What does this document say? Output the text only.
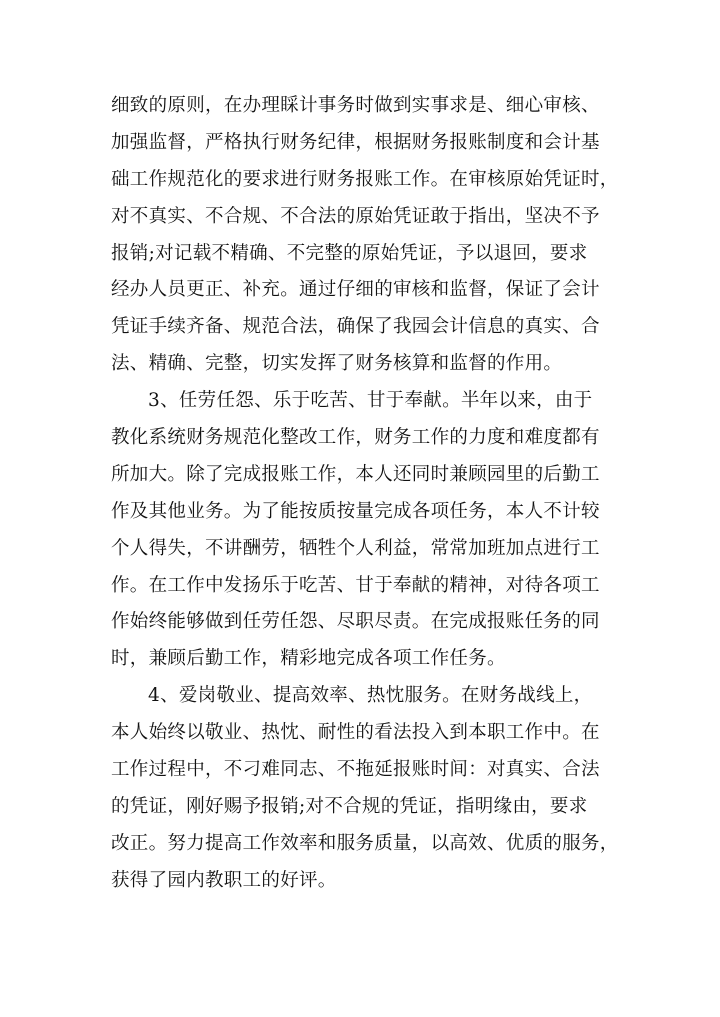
细致的原则，在办理睬计事务时做到实事求是、细心审核、
加强监督，严格执行财务纪律，根据财务报账制度和会计基
础工作规范化的要求进行财务报账工作。在审核原始凭证时，
对不真实、不合规、不合法的原始凭证敢于指出，坚决不予
报销;对记载不精确、不完整的原始凭证，予以退回，要求
经办人员更正、补充。通过仔细的审核和监督，保证了会计
凭证手续齐备、规范合法，确保了我园会计信息的真实、合
法、精确、完整，切实发挥了财务核算和监督的作用。
3、任劳任怨、乐于吃苦、甘于奉献。半年以来，由于
教化系统财务规范化整改工作，财务工作的力度和难度都有
所加大。除了完成报账工作，本人还同时兼顾园里的后勤工
作及其他业务。为了能按质按量完成各项任务，本人不计较
个人得失，不讲酬劳，牺牲个人利益，常常加班加点进行工
作。在工作中发扬乐于吃苦、甘于奉献的精神，对待各项工
作始终能够做到任劳任怨、尽职尽责。在完成报账任务的同
时，兼顾后勤工作，精彩地完成各项工作任务。
4、爱岗敬业、提高效率、热忱服务。在财务战线上，
本人始终以敬业、热忱、耐性的看法投入到本职工作中。在
工作过程中，不刁难同志、不拖延报账时间：对真实、合法
的凭证，刚好赐予报销;对不合规的凭证，指明缘由，要求
改正。努力提高工作效率和服务质量，以高效、优质的服务，
获得了园内教职工的好评。
